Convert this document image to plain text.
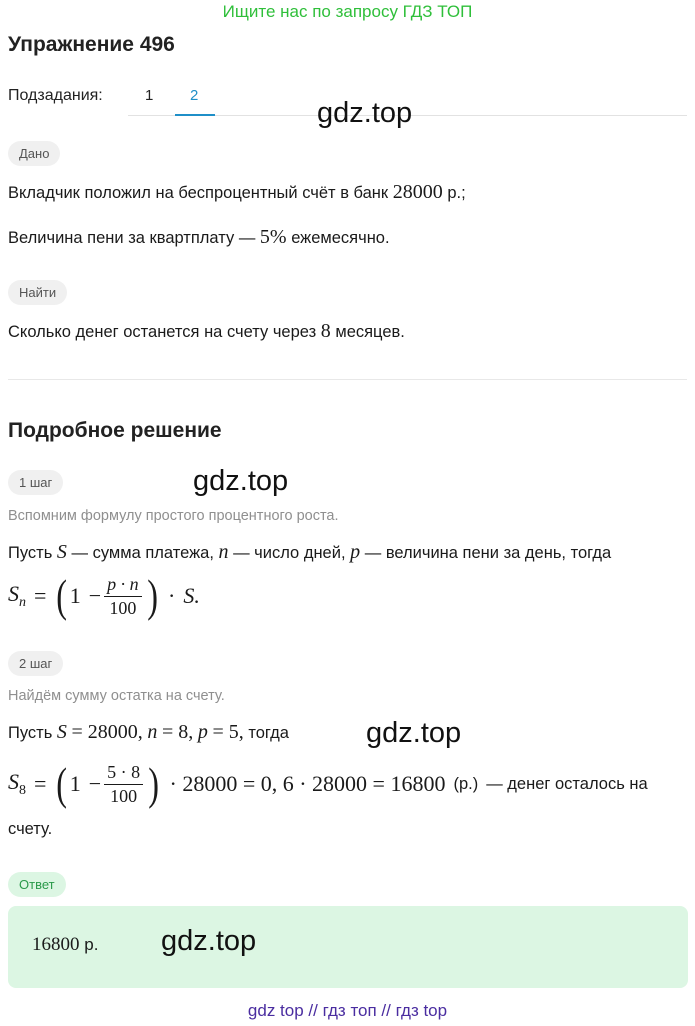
Ищите нас по запросу ГДЗ ТОП
Упражнение 496
Подзадания:	1 2
gdz.top
Дано
Вкладчик положил на беспроцентный счёт в банк 28000 р.;
Величина пени за квартплату — 5% ежемесячно.
Найти
Сколько денег останется на счету через 8 месяцев.
Подробное решение
gdz.top
1 шаг
Вспомним формулу простого процентного роста.
Пусть S — сумма платежа, n — число дней, p — величина пени за день, тогда
$S_n$ = ( $1 - \frac{p \cdot n}{100}$ ) · S.
2 шаг
Найдём сумму остатка на счету.
Пусть S = 28000, n = 8, p = 5, тогда	gdz.top
$S_8$ = ( $1 - \frac{5 \cdot 8}{100}$ ) · 28000 = 0, 6 · 28000 = 16800 (р.) — денег осталось на
счету.
Ответ
16800 р. gdz.top
gdz top // гдз топ // гдз top
